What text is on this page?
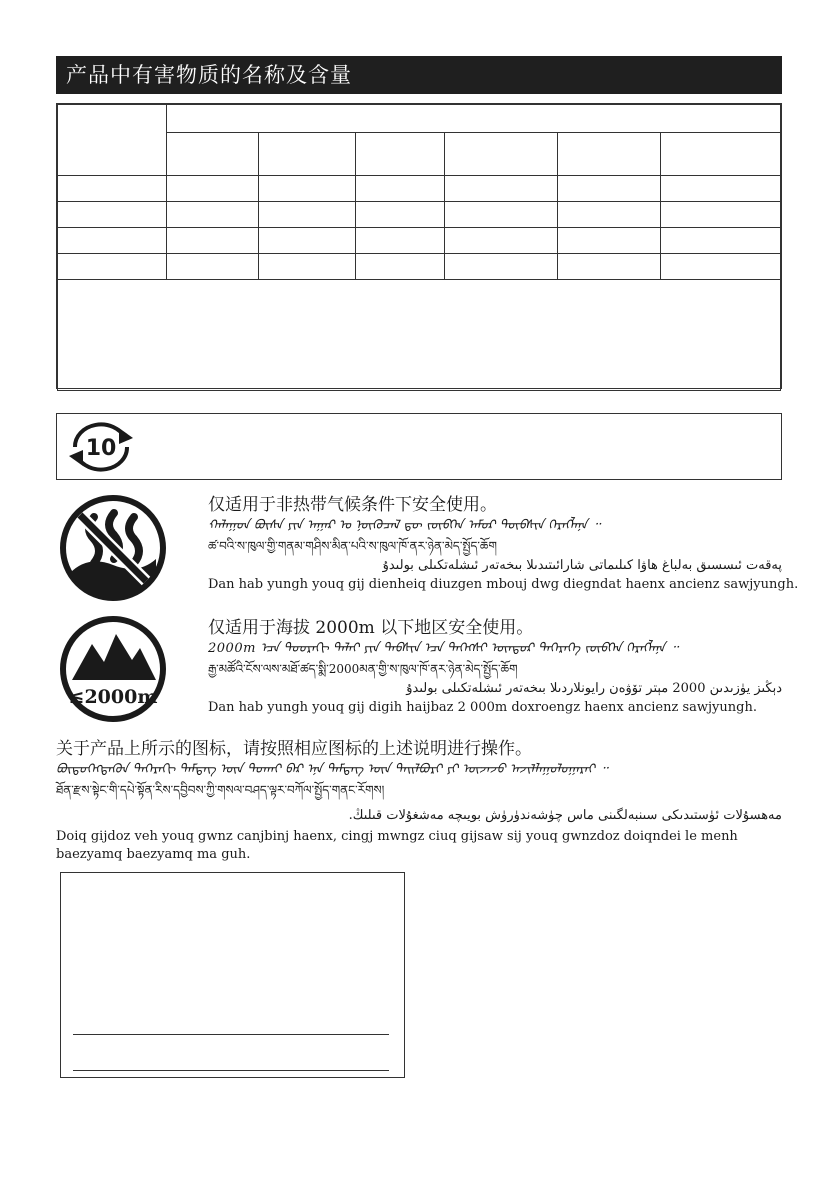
产品中有害物质的名称及含量

10
仅适用于非热带气候条件下安全使用。
ᠬᠠᠯᠠᠭᠤᠨ ᠪᠦᠰᠡ ᠶᠢᠨ ᠠᠭᠠᠷ ᠤ ᠨᠥᠬᠥᠴᠡᠯ ᠳᠦ ᠵᠥᠪᠬᠡᠨ ᠠᠮᠤᠷ ᠲᠦᠪᠰᠢᠨ ᠬᠡᠷᠡᠭᠯᠡᠨᠡ ᠃
ཚ་བའི་ས་ཁུལ་གྱི་གནམ་གཤིས་མིན་པའི་ས་ཁུལ་ཁོ་ནར་ཉེན་མེད་སྤྱོད་ཆོག
پەقەت ئىسسىق بەلباغ ھاۋا كىلىماتى شارائىتىدىلا بىخەتەر ئىشلەتكىلى بولىدۇ
Dan hab yungh youq gij dienheiq diuzgen mbouj dwg diegndat haenx ancienz sawjyungh.
≤2000m
仅适用于海拔 2000m 以下地区安全使用。
2000m ᠡᠴᠡ ᠳᠣᠣᠷᠠᠬᠢ ᠳᠠᠯᠠᠢ ᠶᠢᠨ ᠲᠡᠪᠰᠢᠨ ᠡᠴᠡ ᠳᠡᠭᠡᠭᠰᠢ ᠥᠨᠳᠥᠷ ᠲᠡᠭᠡᠷᠡᠬᠡ ᠵᠥᠪᠬᠡᠨ ᠬᠡᠷᠡᠭᠯᠡᠨᠡ ᠃
རྒྱ་མཚོའི་ངོས་ལས་མཐོ་ཚད་སྨི་2000མན་གྱི་ས་ཁུལ་ཁོ་ནར་ཉེན་མེད་སྤྱོད་ཆོག
دېڭىز يۈزىدىن 2000 مېتر تۆۋەن رايونلاردىلا بىخەتەر ئىشلەتكىلى بولىدۇ
Dan hab yungh youq gij digih haijbaz 2 000m doxroengz haenx ancienz sawjyungh.
关于产品上所示的图标，请按照相应图标的上述说明进行操作。
ᠪᠦᠲᠦᠭᠡᠭᠳᠡᠬᠦᠨ ᠳᠡᠭᠡᠷᠡᠬᠢ ᠲᠡᠮᠳᠡᠭ ᠦᠨ ᠲᠤᠬᠠᠢ ᠪᠡᠷ ᠡᠨᠡ ᠲᠡᠮᠳᠡᠭ ᠦᠨ ᠲᠠᠢᠯᠪᠤᠷᠢ ᠶᠢ ᠦᠵᠡᠵᠦ ᠠᠵᠢᠯᠯᠠᠭᠤᠯᠤᠭᠠᠷᠠᠢ ᠃
ཐོན་རྫས་སྟེང་གི་དཔེ་སྟོན་རིས་དབྱིབས་ཀྱི་གསལ་བཤད་ལྟར་བཀོལ་སྤྱོད་གནང་རོགས།
مەھسۇلات ئۈستىدىكى سىنبەلگىنى ماس چۈشەندۈرۈش بويىچە مەشغۇلات قىلىڭ.
Doiq gijdoz veh youq gwnz canjbinj haenx, cingj mwngz ciuq gijsaw sij youq gwnzdoz doiqndei le menh baezyamq baezyamq ma guh.
